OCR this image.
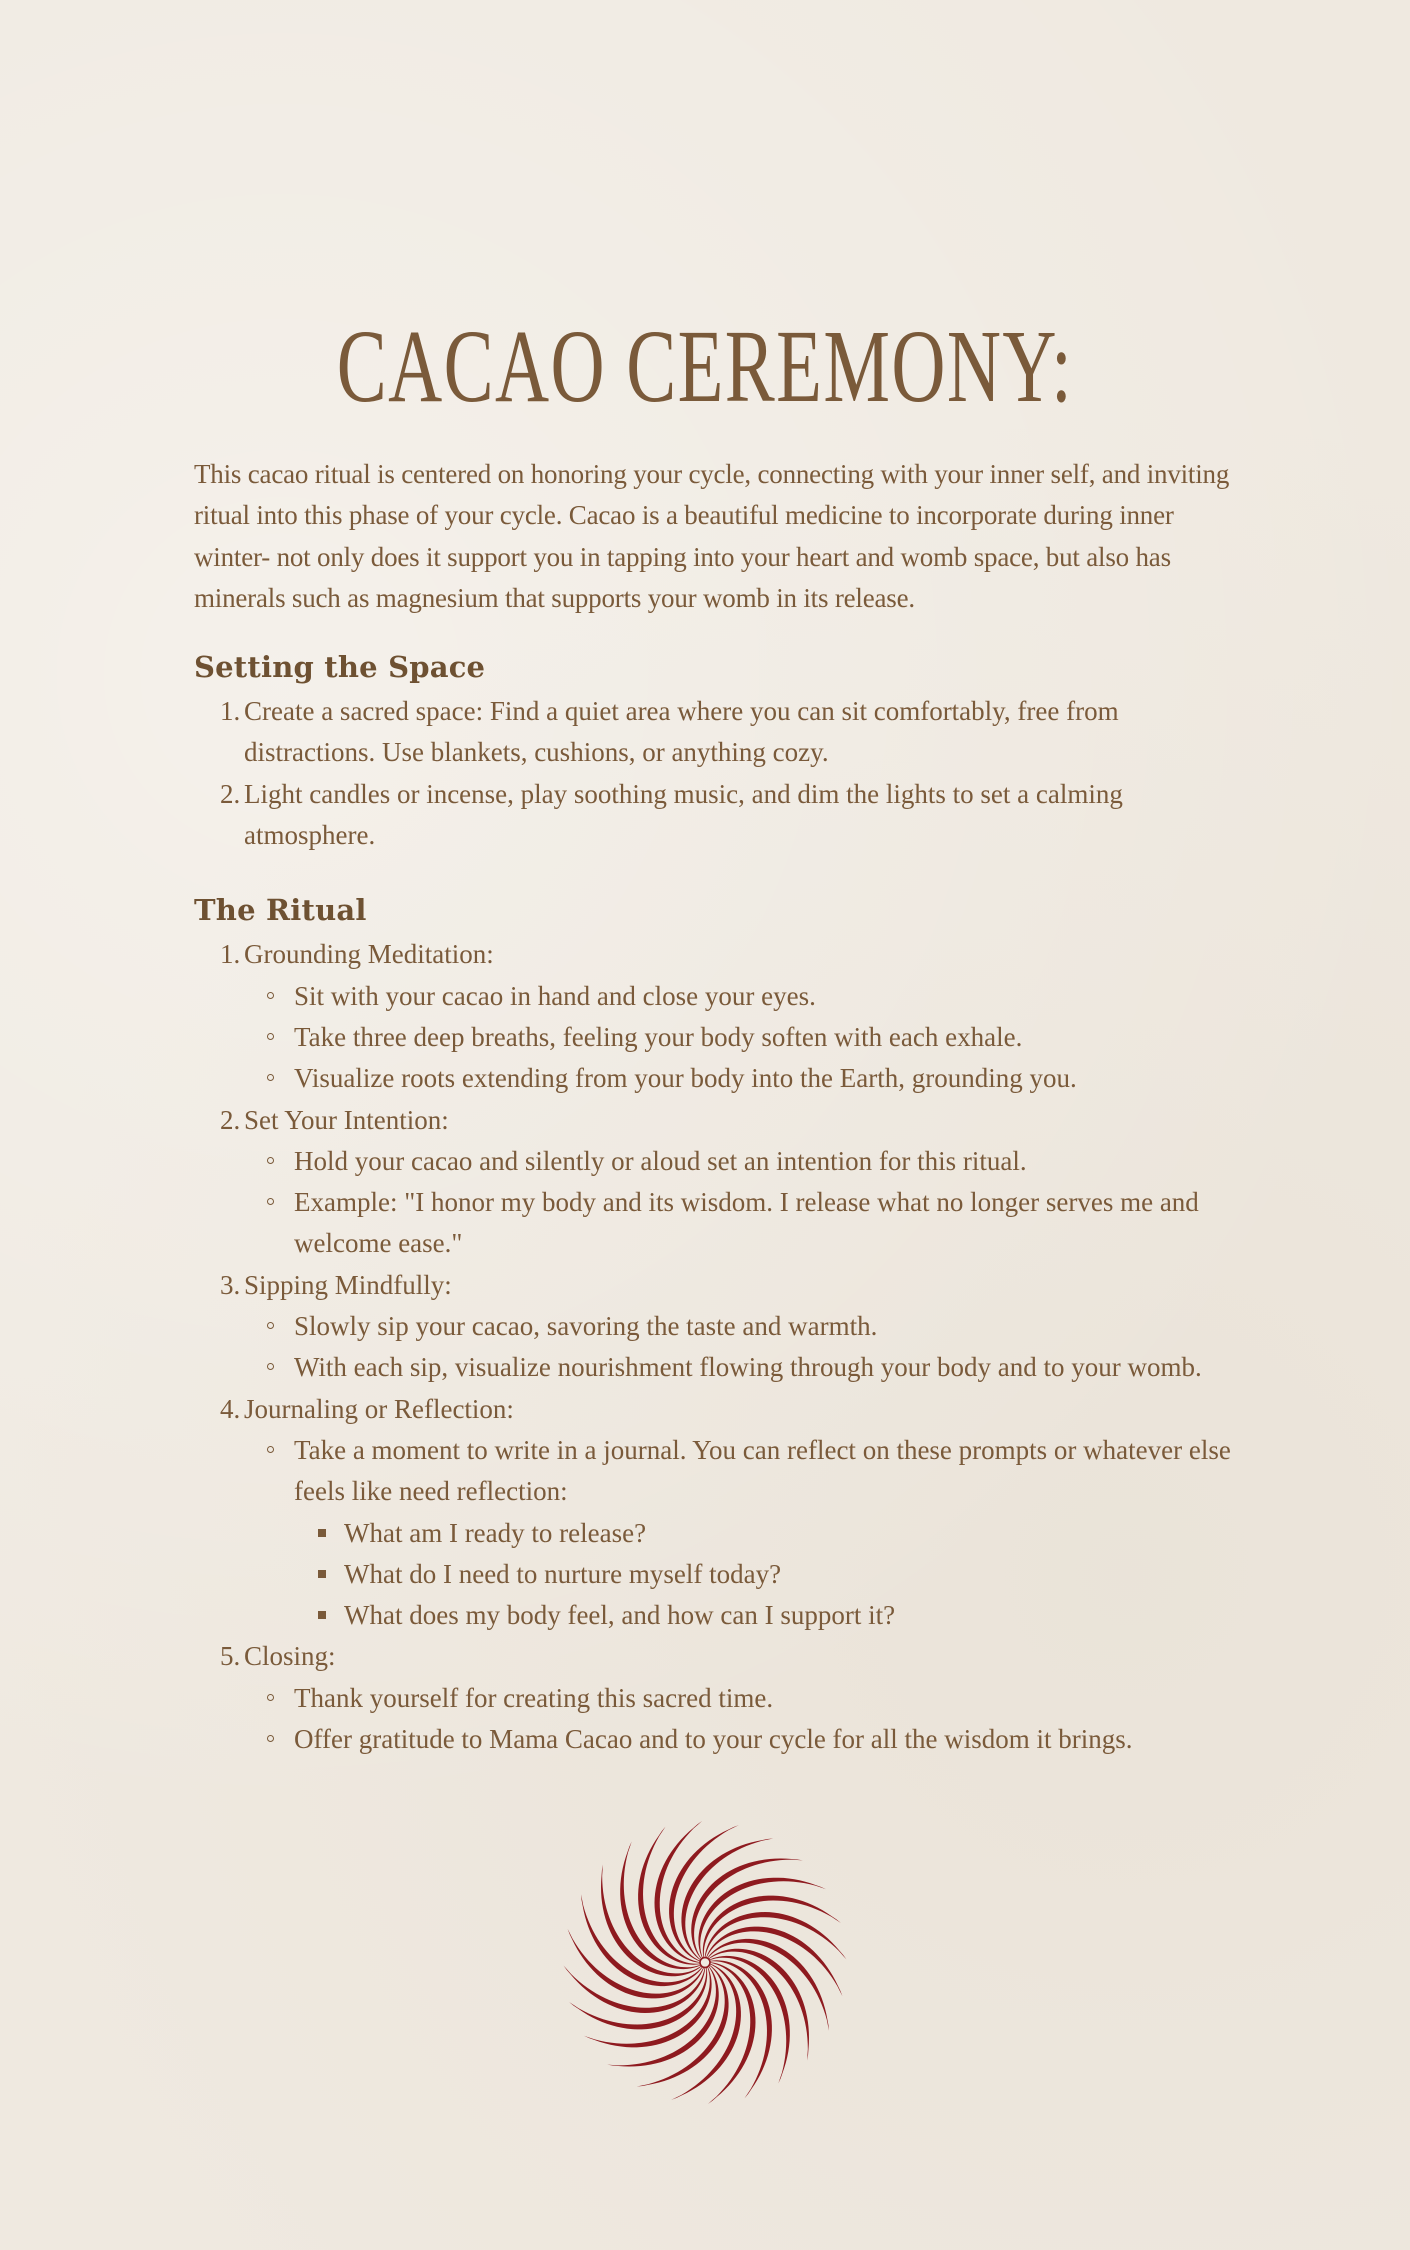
CACAO CEREMONY:

This cacao ritual is centered on honoring your cycle, connecting with your inner self, and inviting ritual into this phase of your cycle. Cacao is a beautiful medicine to incorporate during inner winter- not only does it support you in tapping into your heart and womb space, but also has minerals such as magnesium that supports your womb in its release.

Setting the Space
1. Create a sacred space: Find a quiet area where you can sit comfortably, free from distractions. Use blankets, cushions, or anything cozy.
2. Light candles or incense, play soothing music, and dim the lights to set a calming atmosphere.
The Ritual
1. Grounding Meditation:
Sit with your cacao in hand and close your eyes.
Take three deep breaths, feeling your body soften with each exhale.
Visualize roots extending from your body into the Earth, grounding you.
2. Set Your Intention:
Hold your cacao and silently or aloud set an intention for this ritual.
Example: "I honor my body and its wisdom. I release what no longer serves me and welcome ease."
3. Sipping Mindfully:
Slowly sip your cacao, savoring the taste and warmth.
With each sip, visualize nourishment flowing through your body and to your womb.
4. Journaling or Reflection:
Take a moment to write in a journal. You can reflect on these prompts or whatever else feels like need reflection:
What am I ready to release?
What do I need to nurture myself today?
What does my body feel, and how can I support it?
5. Closing:
Thank yourself for creating this sacred time.
Offer gratitude to Mama Cacao and to your cycle for all the wisdom it brings.
